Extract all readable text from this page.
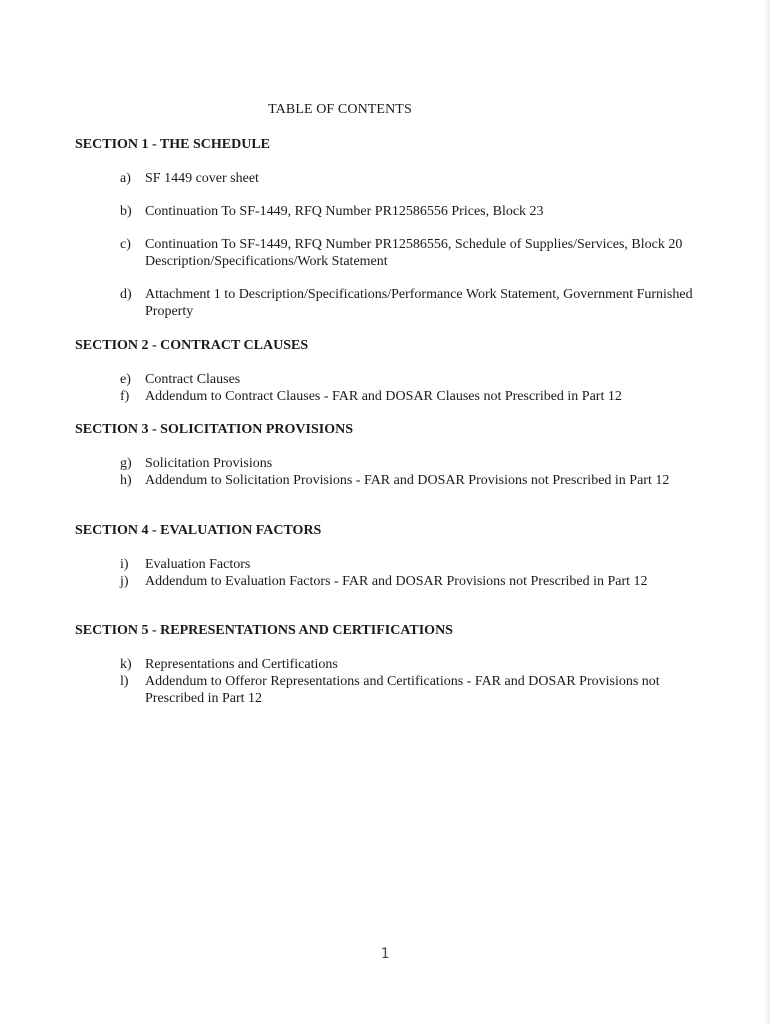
TABLE OF CONTENTS
SECTION 1 - THE SCHEDULE
a) SF 1449 cover sheet
b) Continuation To SF-1449, RFQ Number PR12586556 Prices, Block 23
c) Continuation To SF-1449, RFQ Number PR12586556, Schedule of Supplies/Services, Block 20 Description/Specifications/Work Statement
d) Attachment 1 to Description/Specifications/Performance Work Statement, Government Furnished Property
SECTION 2 - CONTRACT CLAUSES
e) Contract Clauses
f) Addendum to Contract Clauses - FAR and DOSAR Clauses not Prescribed in Part 12
SECTION 3 - SOLICITATION PROVISIONS
g) Solicitation Provisions
h) Addendum to Solicitation Provisions - FAR and DOSAR Provisions not Prescribed in Part 12
SECTION 4 - EVALUATION FACTORS
i) Evaluation Factors
j) Addendum to Evaluation Factors - FAR and DOSAR Provisions not Prescribed in Part 12
SECTION 5 - REPRESENTATIONS AND CERTIFICATIONS
k) Representations and Certifications
l) Addendum to Offeror Representations and Certifications - FAR and DOSAR Provisions not Prescribed in Part 12
1
